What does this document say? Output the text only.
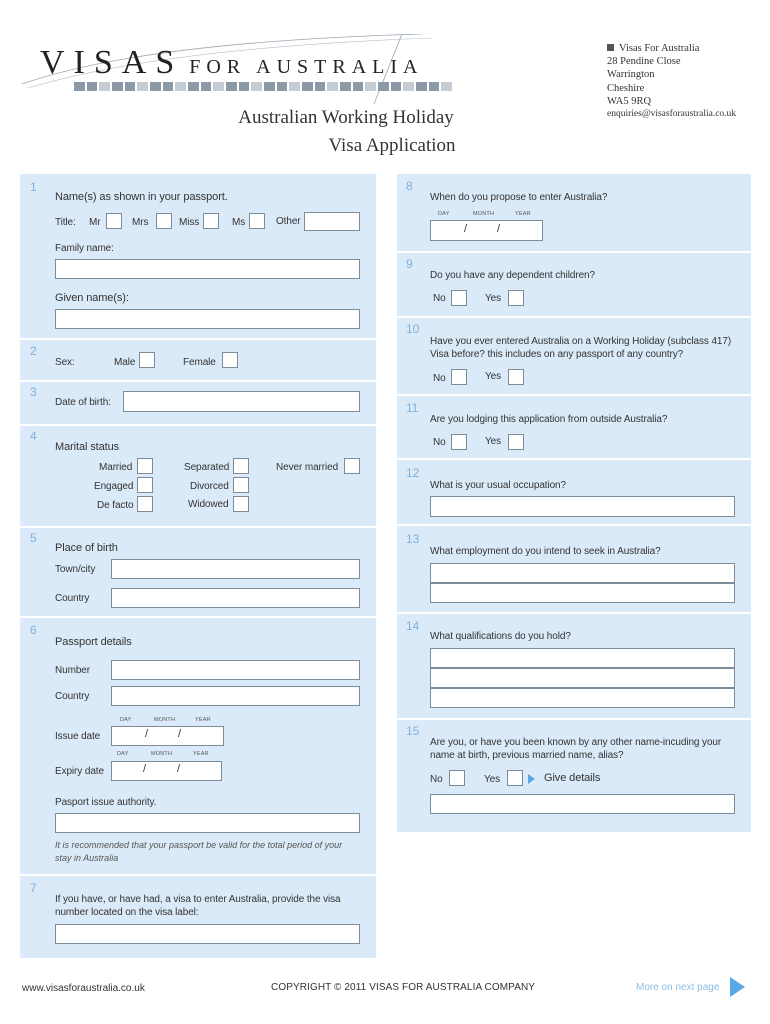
VISAS FOR AUSTRALIA
Visas For Australia
28 Pendine Close
Warrington
Cheshire
WA5 9RQ
enquiries@visasforaustralia.co.uk
Australian Working Holiday
Visa Application
1
Name(s) as shown in your passport.
Title: Mr	Mrs	Miss	Ms	Other
Family name:
Given name(s):
2
Sex:	Male	Female
3
Date of birth:
4
Marital status
Married	Separated	Never married
Engaged	Divorced
De facto	Widowed
5
Place of birth
Town/city
Country
6
Passport details
Number
Country
DAY	MONTH	YEAR
Issue date	/	/
DAY	MONTH	YEAR
Expiry date	/	/
Pasport issue authority.
It is recommended that your passport be valid for the total period of your stay in Australia
7
If you have, or have had, a visa to enter Australia, provide the visa
number located on the visa label:
8
When do you propose to enter Australia?
DAY	MONTH	YEAR
/	/
9
Do you have any dependent children?
No	Yes
10
Have you ever entered Australia on a Working Holiday (subclass 417)
Visa before? this includes on any passport of any country?
No	Yes
11
Are you lodging this application from outside Australia?
No	Yes
12
What is your usual occupation?
13
What employment do you intend to seek in Australia?
14
What qualifications do you hold?
15
Are you, or have you been known by any other name-incuding your
name at birth, previous married name, alias?
No	Yes	Give details
www.visasforaustralia.co.uk	COPYRIGHT © 2011 VISAS FOR AUSTRALIA COMPANY	More on next page
